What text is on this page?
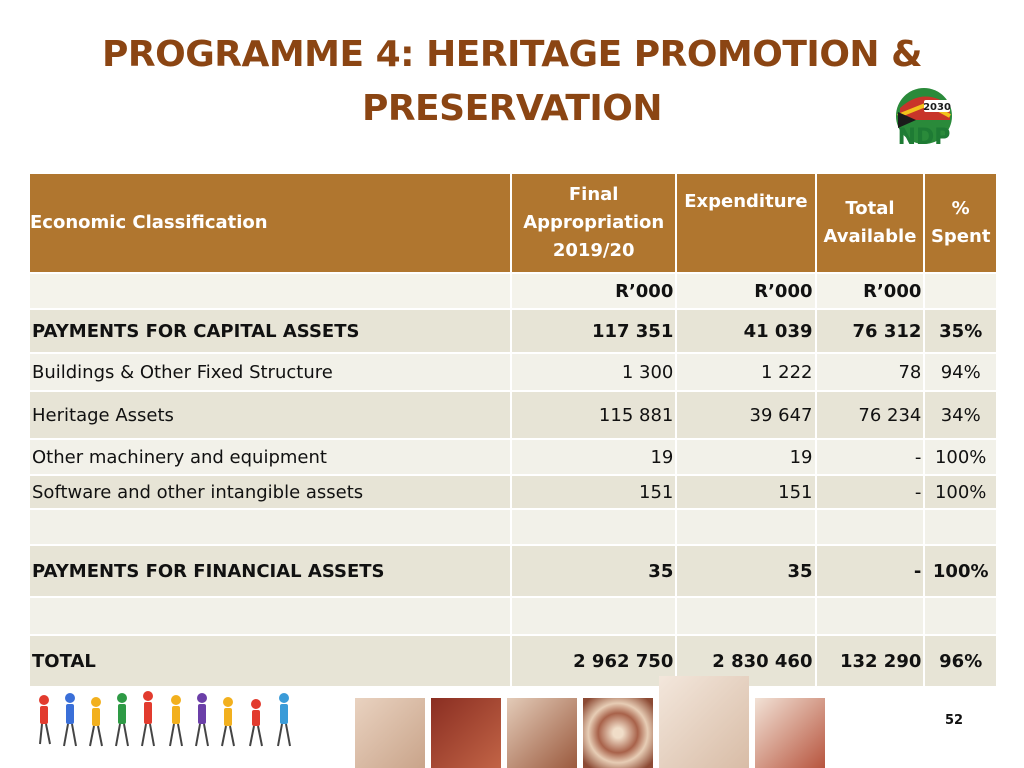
PROGRAMME 4: HERITAGE PROMOTION & PRESERVATION	2030
NDP
Economic Classification	Final Appropriation 2019/20	Expenditure	Total Available	% Spent

	R’000	R’000	R’000	
PAYMENTS FOR CAPITAL ASSETS	117 351	41 039	76 312	35%
Buildings & Other Fixed Structure	1 300	1 222	78	94%
Heritage Assets	115 881	39 647	76 234	34%
Other machinery and equipment	19	19	-	100%
Software and other intangible assets	151	151	-	100%

PAYMENTS FOR FINANCIAL ASSETS	35	35	-	100%

TOTAL	2 962 750	2 830 460	132 290	96%
52
